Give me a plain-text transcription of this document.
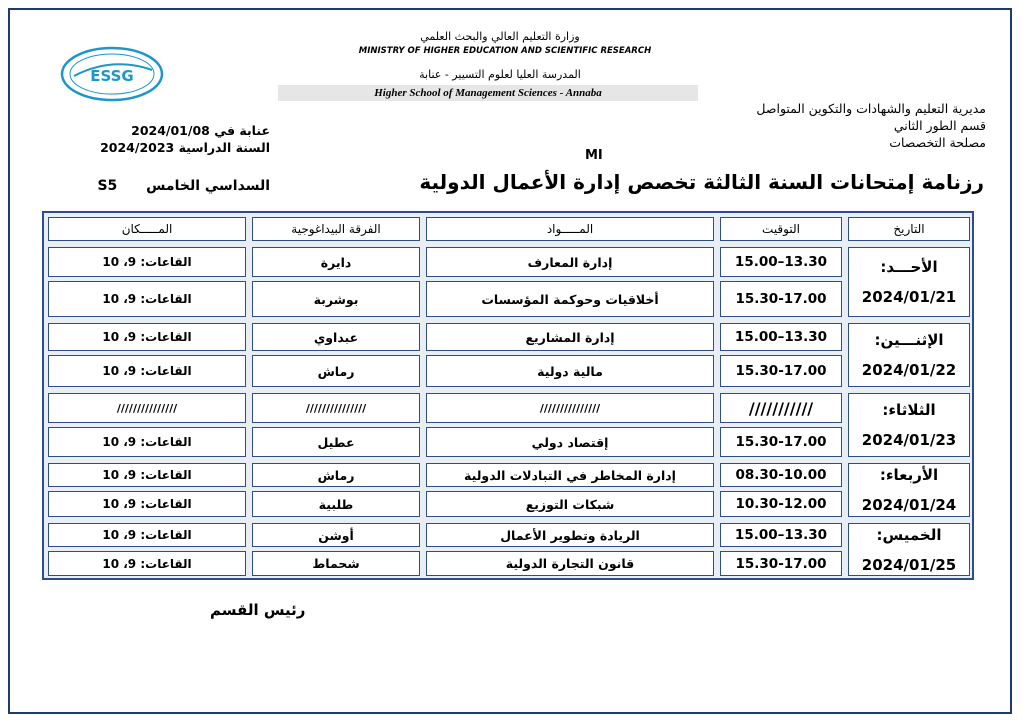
ESSG
وزارة التعليم العالي والبحث العلمي
MINISTRY OF HIGHER EDUCATION AND SCIENTIFIC RESEARCH
المدرسة العليا لعلوم التسيير - عنابة
Higher School of Management Sciences - Annaba
مديرية التعليم والشهادات والتكوين المتواصل
قسم الطور الثاني
مصلحة التخصصات
عنابة في 2024/01/08
السنة الدراسية 2024/2023
السداسي الخامس S5
MI
رزنامة إمتحانات السنة الثالثة تخصص إدارة الأعمال الدولية
التاريخ
التوقيت
المـــــواد
الفرقة البيداغوجية
المـــــكان
الأحـــد:
2024/01/21
13.30–15.00
إدارة المعارف
دايرة
القاعات: 9، 10
15.30-17.00
أخلاقيات وحوكمة المؤسسات
بوشربة
القاعات: 9، 10
الإثنـــين:
2024/01/22
13.30–15.00
إدارة المشاريع
عبداوي
القاعات: 9، 10
15.30-17.00
مالية دولية
رماش
القاعات: 9، 10
الثلاثاء:
2024/01/23
///////////
///////////////
///////////////
///////////////
15.30-17.00
إقتصاد دولي
عطيل
القاعات: 9، 10
الأربعاء:
2024/01/24
08.30-10.00
إدارة المخاطر في التبادلات الدولية
رماش
القاعات: 9، 10
10.30-12.00
شبكات التوزيع
طلبية
القاعات: 9، 10
الخميس:
2024/01/25
13.30–15.00
الريادة وتطوير الأعمال
أوشن
القاعات: 9، 10
15.30-17.00
قانون التجارة الدولية
شحماط
القاعات: 9، 10
رئيس القسم
